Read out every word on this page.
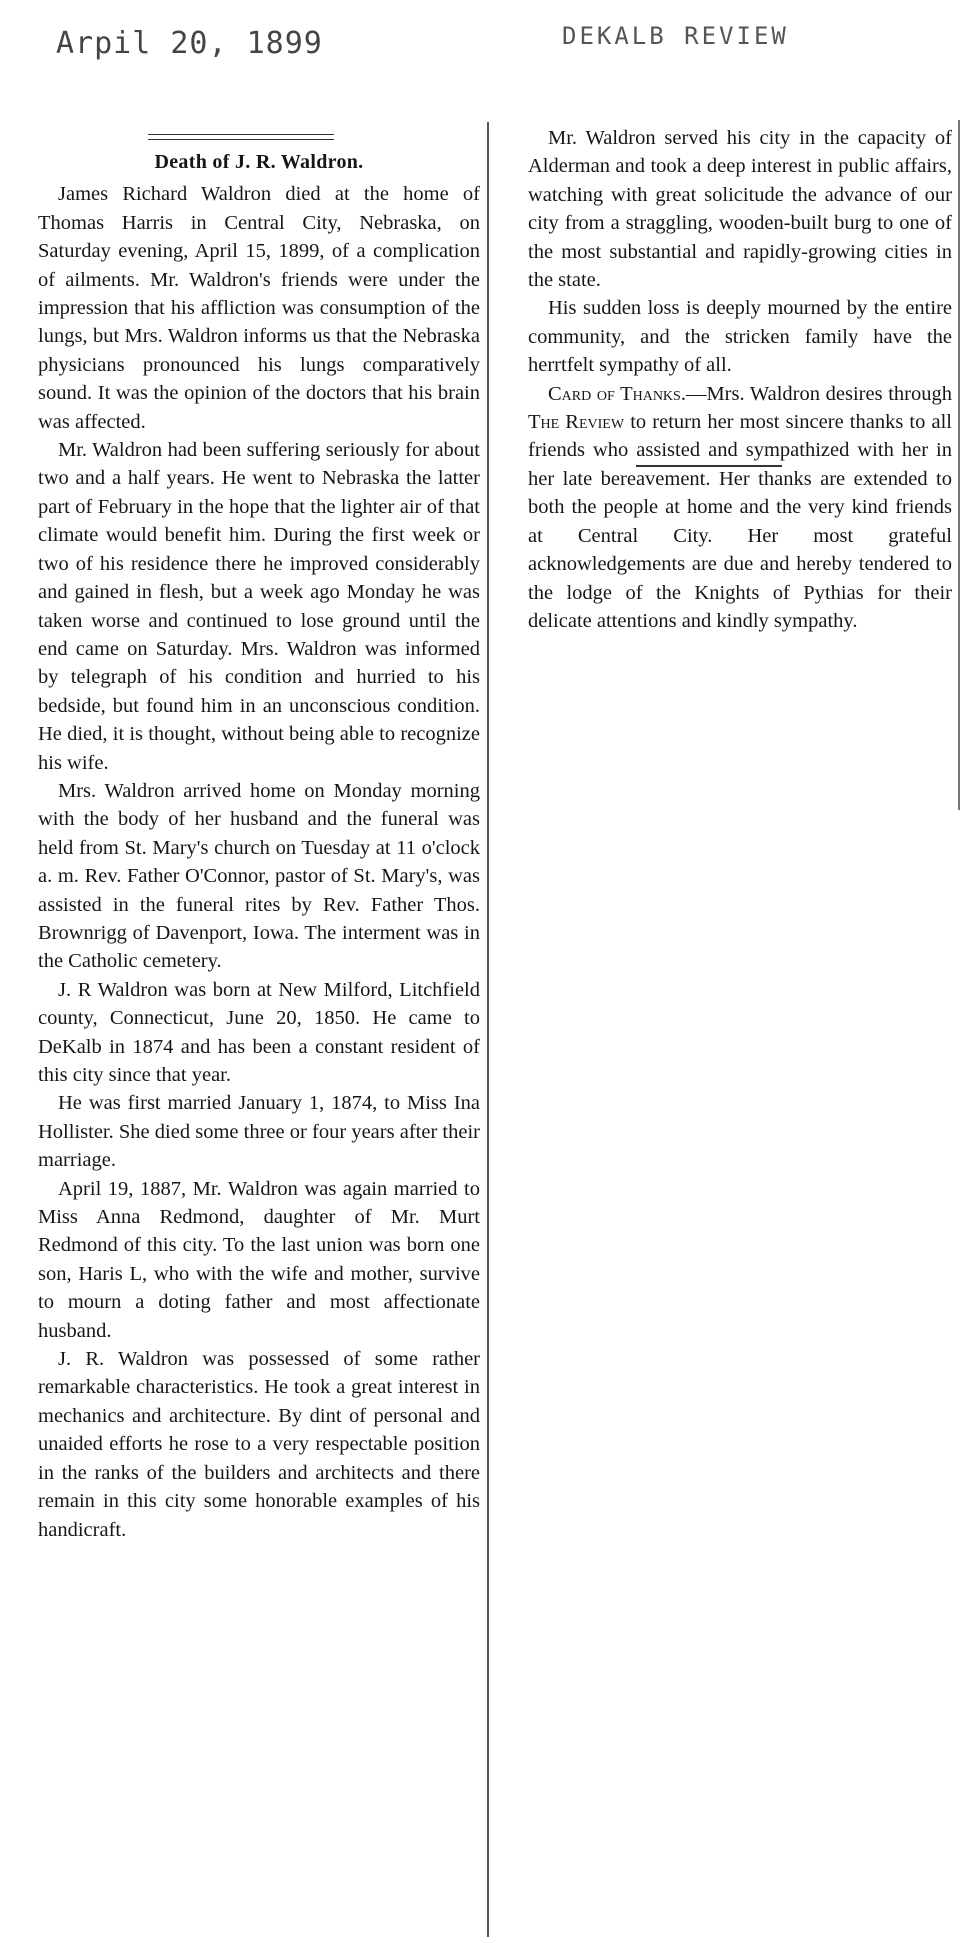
Arpil 20, 1899	DEKALB REVIEW
Death of J. R. Waldron.

James Richard Waldron died at the home of Thomas Harris in Central City, Nebraska, on Saturday evening, April 15, 1899, of a complication of ailments. Mr. Waldron's friends were under the impression that his affliction was consumption of the lungs, but Mrs. Waldron informs us that the Nebraska physicians pronounced his lungs comparatively sound. It was the opinion of the doctors that his brain was affected.

Mr. Waldron had been suffering seriously for about two and a half years. He went to Nebraska the latter part of February in the hope that the lighter air of that climate would benefit him. During the first week or two of his residence there he improved considerably and gained in flesh, but a week ago Monday he was taken worse and continued to lose ground until the end came on Saturday. Mrs. Waldron was informed by telegraph of his condition and hurried to his bedside, but found him in an unconscious condition. He died, it is thought, without being able to recognize his wife.

Mrs. Waldron arrived home on Monday morning with the body of her husband and the funeral was held from St. Mary's church on Tuesday at 11 o'clock a. m. Rev. Father O'Connor, pastor of St. Mary's, was assisted in the funeral rites by Rev. Father Thos. Brownrigg of Davenport, Iowa. The interment was in the Catholic cemetery.

J. R Waldron was born at New Milford, Litchfield county, Connecticut, June 20, 1850. He came to DeKalb in 1874 and has been a constant resident of this city since that year.

He was first married January 1, 1874, to Miss Ina Hollister. She died some three or four years after their marriage.

April 19, 1887, Mr. Waldron was again married to Miss Anna Redmond, daughter of Mr. Murt Redmond of this city. To the last union was born one son, Haris L, who with the wife and mother, survive to mourn a doting father and most affectionate husband.

J. R. Waldron was possessed of some rather remarkable characteristics. He took a great interest in mechanics and architecture. By dint of personal and unaided efforts he rose to a very respectable position in the ranks of the builders and architects and there remain in this city some honorable examples of his handicraft.

Mr. Waldron served his city in the capacity of Alderman and took a deep interest in public affairs, watching with great solicitude the advance of our city from a straggling, wooden-built burg to one of the most substantial and rapidly-growing cities in the state.

His sudden loss is deeply mourned by the entire community, and the stricken family have the herrtfelt sympathy of all.

Card of Thanks.—Mrs. Waldron desires through The Review to return her most sincere thanks to all friends who assisted and sympathized with her in her late bereavement. Her thanks are extended to both the people at home and the very kind friends at Central City. Her most grateful acknowledgements are due and hereby tendered to the lodge of the Knights of Pythias for their delicate attentions and kindly sympathy.
